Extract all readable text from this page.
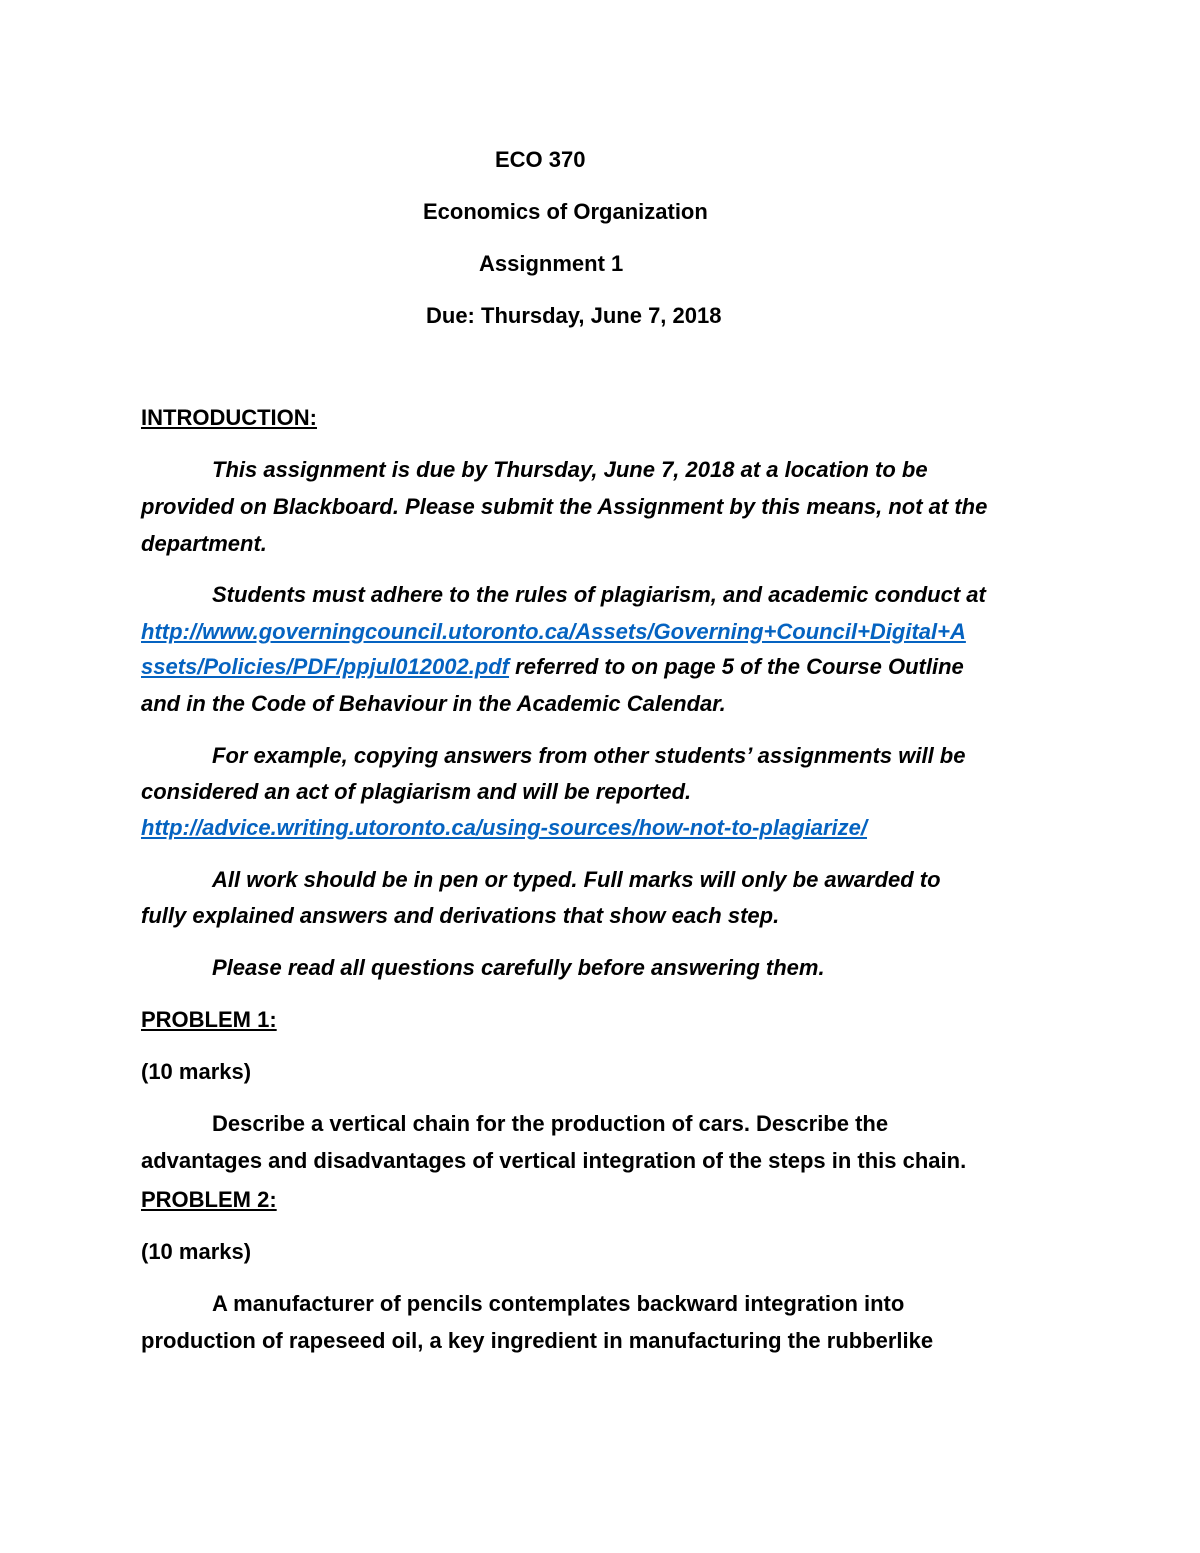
ECO 370
Economics of Organization
Assignment 1
Due: Thursday, June 7, 2018
INTRODUCTION:
This assignment is due by Thursday, June 7, 2018 at a location to be
provided on Blackboard. Please submit the Assignment by this means, not at the
department.
Students must adhere to the rules of plagiarism, and academic conduct at
http://www.governingcouncil.utoronto.ca/Assets/Governing+Council+Digital+A
ssets/Policies/PDF/ppjul012002.pdf referred to on page 5 of the Course Outline
and in the Code of Behaviour in the Academic Calendar.
For example, copying answers from other students’ assignments will be
considered an act of plagiarism and will be reported.
http://advice.writing.utoronto.ca/using-sources/how-not-to-plagiarize/
All work should be in pen or typed. Full marks will only be awarded to
fully explained answers and derivations that show each step.
Please read all questions carefully before answering them.
PROBLEM 1:
(10 marks)
Describe a vertical chain for the production of cars. Describe the
advantages and disadvantages of vertical integration of the steps in this chain.
PROBLEM 2:
(10 marks)
A manufacturer of pencils contemplates backward integration into
production of rapeseed oil, a key ingredient in manufacturing the rubberlike
